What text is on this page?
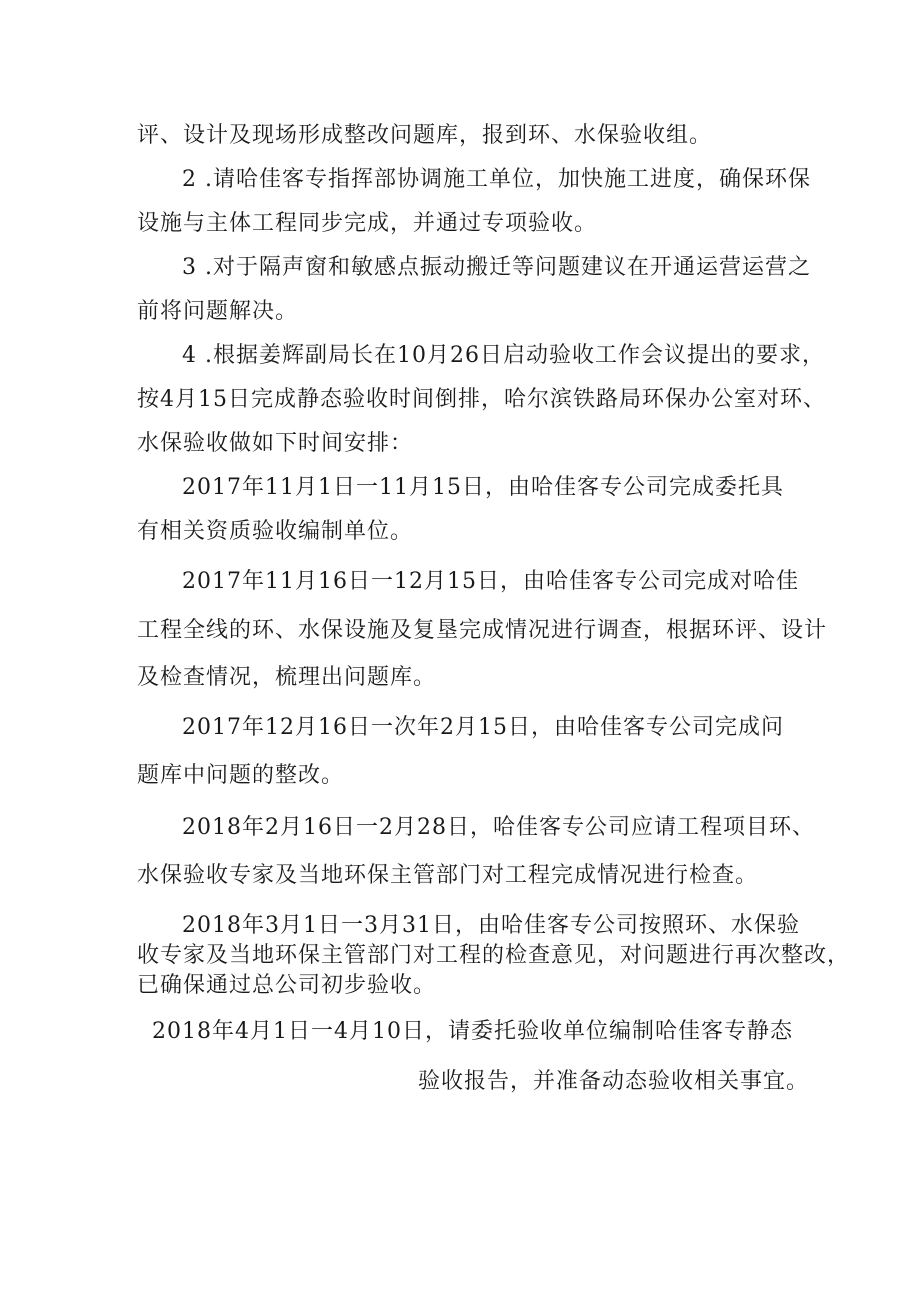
评、设计及现场形成整改问题库，报到环、水保验收组。
2 .请哈佳客专指挥部协调施工单位，加快施工进度，确保环保
设施与主体工程同步完成，并通过专项验收。
3 .对于隔声窗和敏感点振动搬迁等问题建议在开通运营运营之
前将问题解决。
4 .根据姜辉副局长在10月26日启动验收工作会议提出的要求，
按4月15日完成静态验收时间倒排，哈尔滨铁路局环保办公室对环、
水保验收做如下时间安排：
2017年11月1日一11月15日，由哈佳客专公司完成委托具
有相关资质验收编制单位。
2017年11月16日一12月15日，由哈佳客专公司完成对哈佳
工程全线的环、水保设施及复垦完成情况进行调查，根据环评、设计
及检查情况，梳理出问题库。
2017年12月16日一次年2月15日，由哈佳客专公司完成问
题库中问题的整改。
2018年2月16日一2月28日，哈佳客专公司应请工程项目环、
水保验收专家及当地环保主管部门对工程完成情况进行检查。
2018年3月1日一3月31日，由哈佳客专公司按照环、水保验
收专家及当地环保主管部门对工程的检查意见，对问题进行再次整改，
已确保通过总公司初步验收。
2018年4月1日一4月10日，请委托验收单位编制哈佳客专静态
验收报告，并准备动态验收相关事宜。
